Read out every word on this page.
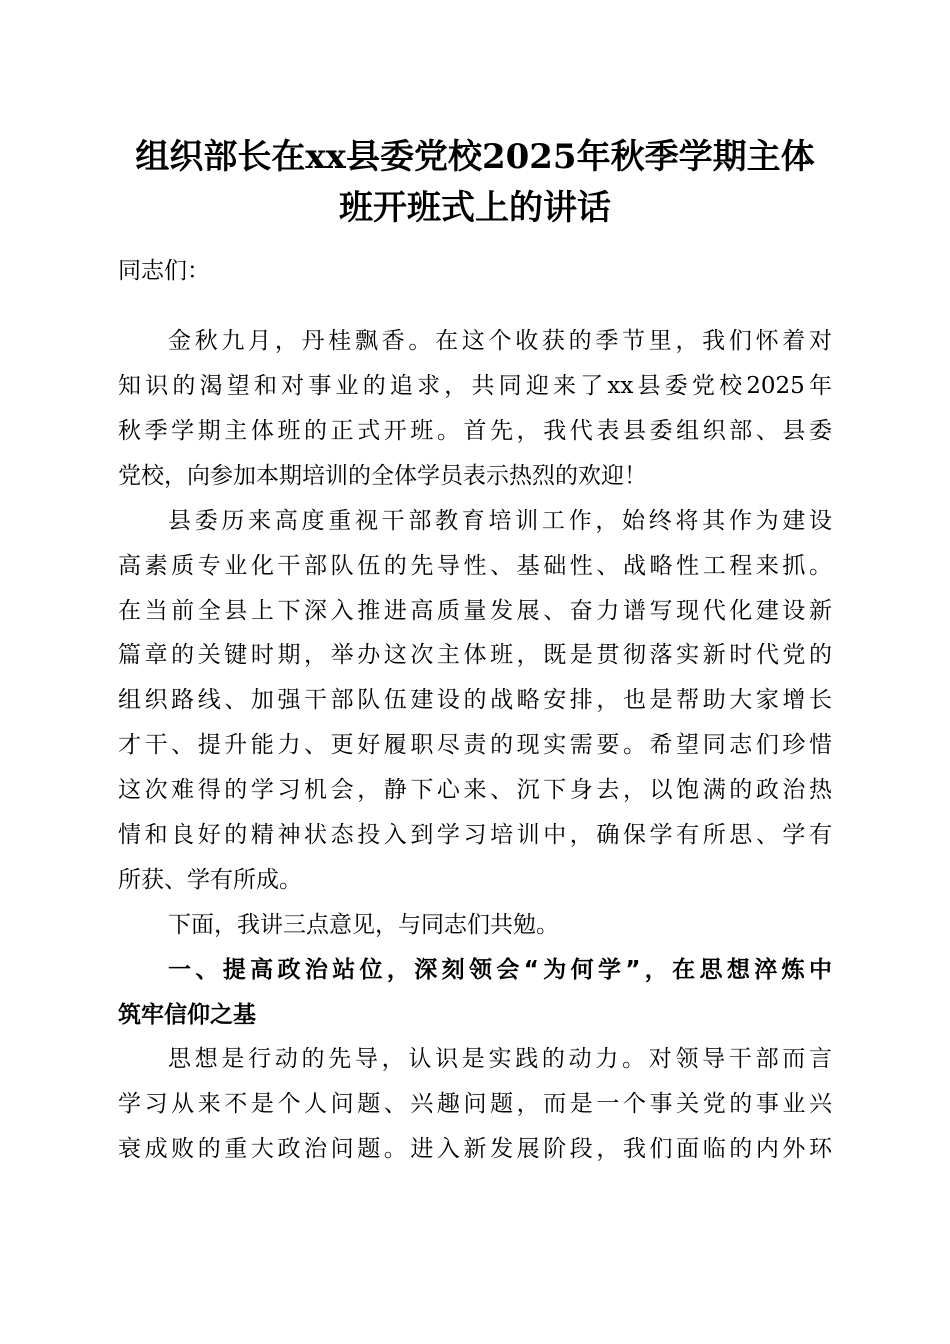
组织部长在xx县委党校2025年秋季学期主体
班开班式上的讲话

同志们：

金秋九月，丹桂飘香。在这个收获的季节里，我们怀着对

知识的渴望和对事业的追求，共同迎来了xx县委党校2025年

秋季学期主体班的正式开班。首先，我代表县委组织部、县委

党校，向参加本期培训的全体学员表示热烈的欢迎！

县委历来高度重视干部教育培训工作，始终将其作为建设

高素质专业化干部队伍的先导性、基础性、战略性工程来抓。

在当前全县上下深入推进高质量发展、奋力谱写现代化建设新

篇章的关键时期，举办这次主体班，既是贯彻落实新时代党的

组织路线、加强干部队伍建设的战略安排，也是帮助大家增长

才干、提升能力、更好履职尽责的现实需要。希望同志们珍惜

这次难得的学习机会，静下心来、沉下身去，以饱满的政治热

情和良好的精神状态投入到学习培训中，确保学有所思、学有

所获、学有所成。

下面，我讲三点意见，与同志们共勉。

一、提高政治站位，深刻领会“为何学”，在思想淬炼中

筑牢信仰之基

思想是行动的先导，认识是实践的动力。对领导干部而言

学习从来不是个人问题、兴趣问题，而是一个事关党的事业兴

衰成败的重大政治问题。进入新发展阶段，我们面临的内外环
